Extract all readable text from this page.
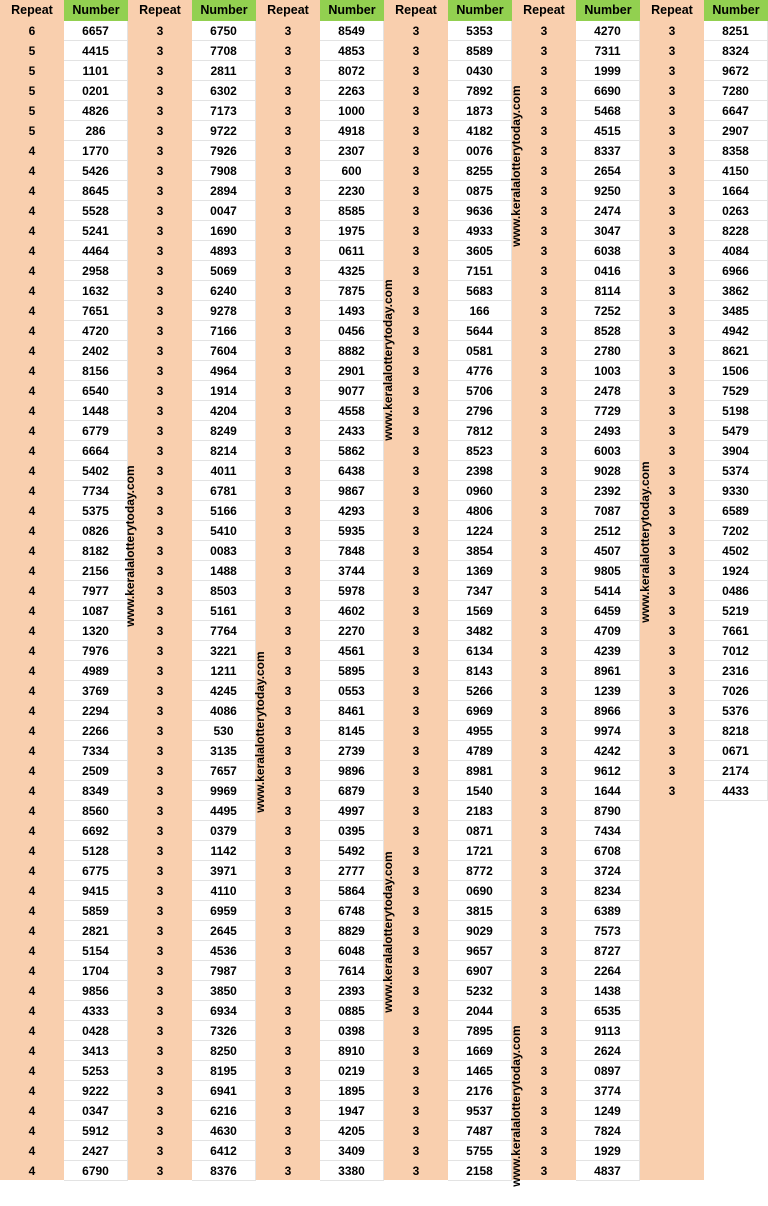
Repeat
6
5
5
5
5
5
4
4
4
4
4
4
4
4
4
4
4
4
4
4
4
4
4
4
4
4
4
4
4
4
4
4
4
4
4
4
4
4
4
4
4
4
4
4
4
4
4
4
4
4
4
4
4
4
4
4
4
4
Number
6657
4415
1101
0201
4826
286
1770
5426
8645
5528
5241
4464
2958
1632
7651
4720
2402
8156
6540
1448
6779
6664
5402
7734
5375
0826
8182
2156
7977
1087
1320
7976
4989
3769
2294
2266
7334
2509
8349
8560
6692
5128
6775
9415
5859
2821
5154
1704
9856
4333
0428
3413
5253
9222
0347
5912
2427
6790
Repeat
3
3
3
3
3
3
3
3
3
3
3
3
3
3
3
3
3
3
3
3
3
3
3
3
3
3
3
3
3
3
3
3
3
3
3
3
3
3
3
3
3
3
3
3
3
3
3
3
3
3
3
3
3
3
3
3
3
3
Number
6750
7708
2811
6302
7173
9722
7926
7908
2894
0047
1690
4893
5069
6240
9278
7166
7604
4964
1914
4204
8249
8214
4011
6781
5166
5410
0083
1488
8503
5161
7764
3221
1211
4245
4086
530
3135
7657
9969
4495
0379
1142
3971
4110
6959
2645
4536
7987
3850
6934
7326
8250
8195
6941
6216
4630
6412
8376
Repeat
3
3
3
3
3
3
3
3
3
3
3
3
3
3
3
3
3
3
3
3
3
3
3
3
3
3
3
3
3
3
3
3
3
3
3
3
3
3
3
3
3
3
3
3
3
3
3
3
3
3
3
3
3
3
3
3
3
3
Number
8549
4853
8072
2263
1000
4918
2307
600
2230
8585
1975
0611
4325
7875
1493
0456
8882
2901
9077
4558
2433
5862
6438
9867
4293
5935
7848
3744
5978
4602
2270
4561
5895
0553
8461
8145
2739
9896
6879
4997
0395
5492
2777
5864
6748
8829
6048
7614
2393
0885
0398
8910
0219
1895
1947
4205
3409
3380
Repeat
3
3
3
3
3
3
3
3
3
3
3
3
3
3
3
3
3
3
3
3
3
3
3
3
3
3
3
3
3
3
3
3
3
3
3
3
3
3
3
3
3
3
3
3
3
3
3
3
3
3
3
3
3
3
3
3
3
3
Number
5353
8589
0430
7892
1873
4182
0076
8255
0875
9636
4933
3605
7151
5683
166
5644
0581
4776
5706
2796
7812
8523
2398
0960
4806
1224
3854
1369
7347
1569
3482
6134
8143
5266
6969
4955
4789
8981
1540
2183
0871
1721
8772
0690
3815
9029
9657
6907
5232
2044
7895
1669
1465
2176
9537
7487
5755
2158
Repeat
3
3
3
3
3
3
3
3
3
3
3
3
3
3
3
3
3
3
3
3
3
3
3
3
3
3
3
3
3
3
3
3
3
3
3
3
3
3
3
3
3
3
3
3
3
3
3
3
3
3
3
3
3
3
3
3
3
3
Number
4270
7311
1999
6690
5468
4515
8337
2654
9250
2474
3047
6038
0416
8114
7252
8528
2780
1003
2478
7729
2493
6003
9028
2392
7087
2512
4507
9805
5414
6459
4709
4239
8961
1239
8966
9974
4242
9612
1644
8790
7434
6708
3724
8234
6389
7573
8727
2264
1438
6535
9113
2624
0897
3774
1249
7824
1929
4837
Repeat
3
3
3
3
3
3
3
3
3
3
3
3
3
3
3
3
3
3
3
3
3
3
3
3
3
3
3
3
3
3
3
3
3
3
3
3
3
3
3
Number
8251
8324
9672
7280
6647
2907
8358
4150
1664
0263
8228
4084
6966
3862
3485
4942
8621
1506
7529
5198
5479
3904
5374
9330
6589
7202
4502
1924
0486
5219
7661
7012
2316
7026
5376
8218
0671
2174
4433
www.keralalotterytoday.com
www.keralalotterytoday.com
www.keralalotterytoday.com
www.keralalotterytoday.com
www.keralalotterytoday.com
www.keralalotterytoday.com
www.keralalotterytoday.com
